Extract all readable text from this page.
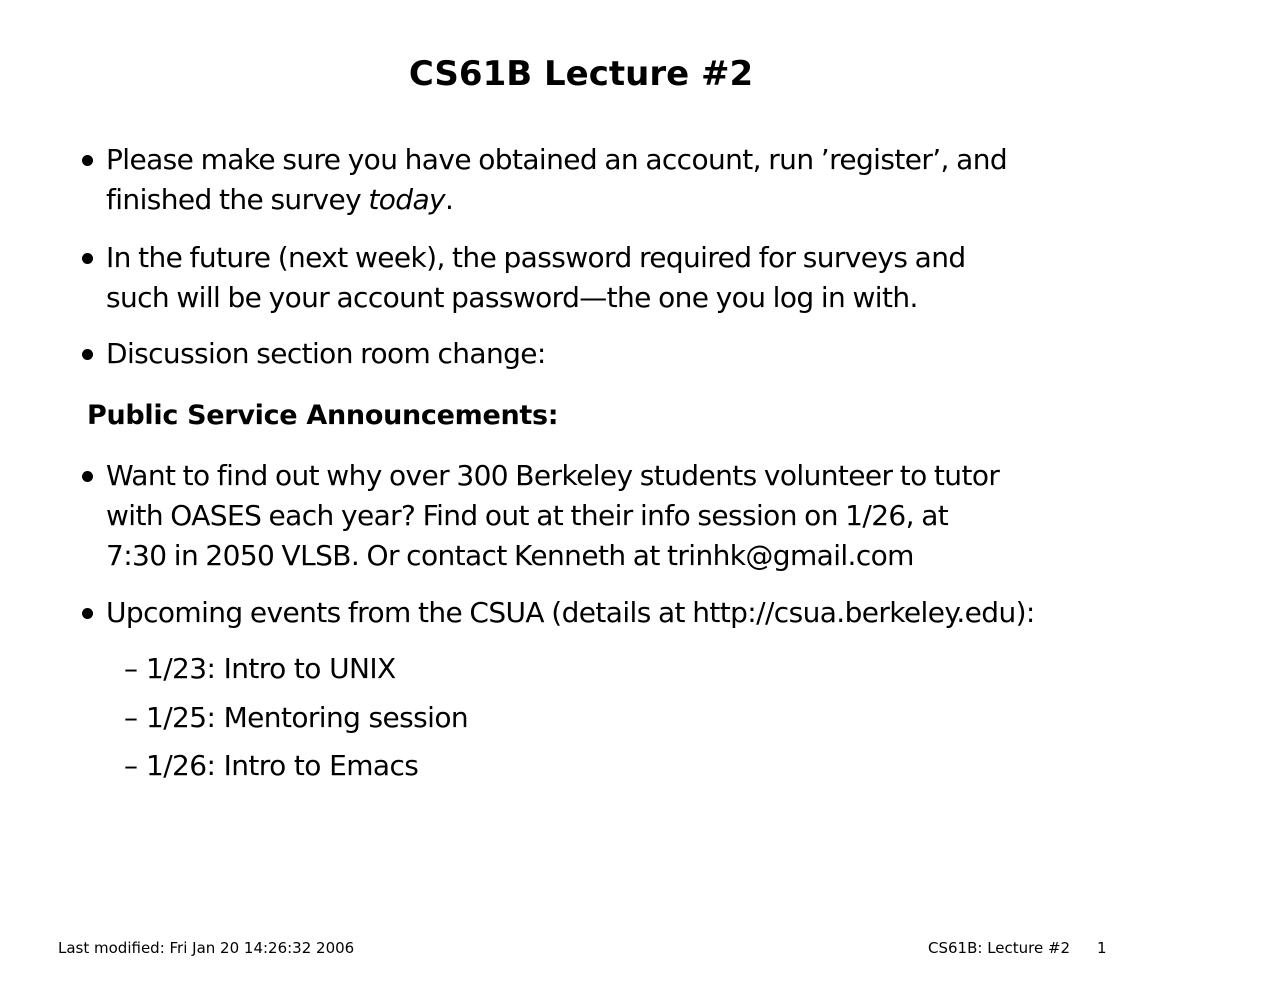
CS61B Lecture #2
Please make sure you have obtained an account, run ’register’, and
finished the survey today.
In the future (next week), the password required for surveys and
such will be your account password—the one you log in with.
Discussion section room change:
Public Service Announcements:
Want to find out why over 300 Berkeley students volunteer to tutor
with OASES each year? Find out at their info session on 1/26, at
7:30 in 2050 VLSB. Or contact Kenneth at trinhk@gmail.com
Upcoming events from the CSUA (details at http://csua.berkeley.edu):
– 1/23: Intro to UNIX
– 1/25: Mentoring session
– 1/26: Intro to Emacs
Last modified: Fri Jan 20 14:26:32 2006	CS61B: Lecture #2 1
